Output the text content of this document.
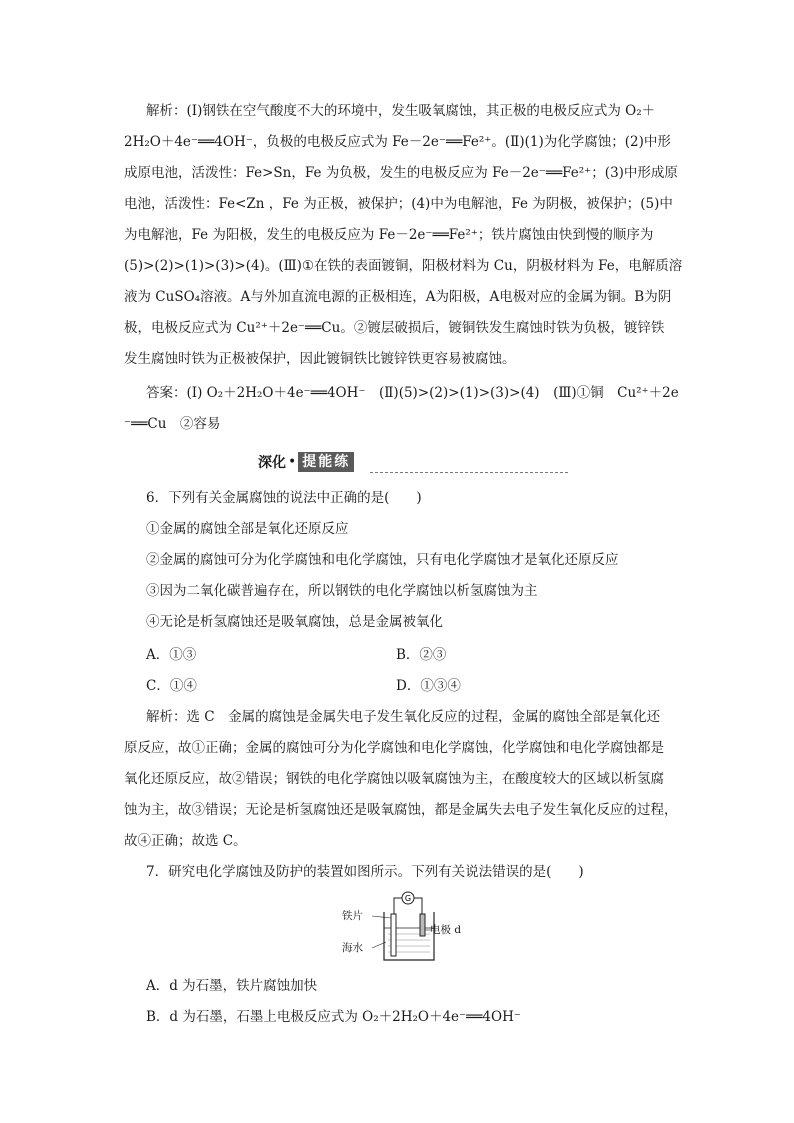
解析：(Ⅰ)钢铁在空气酸度不大的环境中，发生吸氧腐蚀，其正极的电极反应式为 O₂＋

2H₂O＋4e⁻══4OH⁻，负极的电极反应式为 Fe－2e⁻══Fe²⁺。(Ⅱ)(1)为化学腐蚀；(2)中形

成原电池，活泼性：Fe>Sn，Fe 为负极，发生的电极反应为 Fe－2e⁻══Fe²⁺；(3)中形成原

电池，活泼性：Fe<Zn ，Fe 为正极，被保护；(4)中为电解池，Fe 为阴极，被保护；(5)中

为电解池，Fe 为阳极，发生的电极反应为 Fe－2e⁻══Fe²⁺；铁片腐蚀由快到慢的顺序为

(5)>(2)>(1)>(3)>(4)。(Ⅲ)①在铁的表面镀铜，阳极材料为 Cu，阴极材料为 Fe，电解质溶

液为 CuSO₄溶液。A与外加直流电源的正极相连，A为阳极，A电极对应的金属为铜。B为阴

极，电极反应式为 Cu²⁺＋2e⁻══Cu。②镀层破损后，镀铜铁发生腐蚀时铁为负极，镀锌铁

发生腐蚀时铁为正极被保护，因此镀铜铁比镀锌铁更容易被腐蚀。

答案：(Ⅰ) O₂＋2H₂O＋4e⁻══4OH⁻　(Ⅱ)(5)>(2)>(1)>(3)>(4)　(Ⅲ)①铜　Cu²⁺＋2e

⁻══Cu　②容易

深化 • 提能练

6．下列有关金属腐蚀的说法中正确的是(　　)

①金属的腐蚀全部是氧化还原反应

②金属的腐蚀可分为化学腐蚀和电化学腐蚀，只有电化学腐蚀才是氧化还原反应

③因为二氧化碳普遍存在，所以钢铁的电化学腐蚀以析氢腐蚀为主

④无论是析氢腐蚀还是吸氧腐蚀，总是金属被氧化

A．①③	B．②③

C．①④	D．①③④

解析：选 C　金属的腐蚀是金属失电子发生氧化反应的过程，金属的腐蚀全部是氧化还

原反应，故①正确；金属的腐蚀可分为化学腐蚀和电化学腐蚀，化学腐蚀和电化学腐蚀都是

氧化还原反应，故②错误；钢铁的电化学腐蚀以吸氧腐蚀为主，在酸度较大的区域以析氢腐

蚀为主，故③错误；无论是析氢腐蚀还是吸氧腐蚀，都是金属失去电子发生氧化反应的过程，

故④正确；故选 C。

7．研究电化学腐蚀及防护的装置如图所示。下列有关说法错误的是(　　)

G
铁片
电极 d
海水

A．d 为石墨，铁片腐蚀加快

B．d 为石墨，石墨上电极反应式为 O₂＋2H₂O＋4e⁻══4OH⁻
